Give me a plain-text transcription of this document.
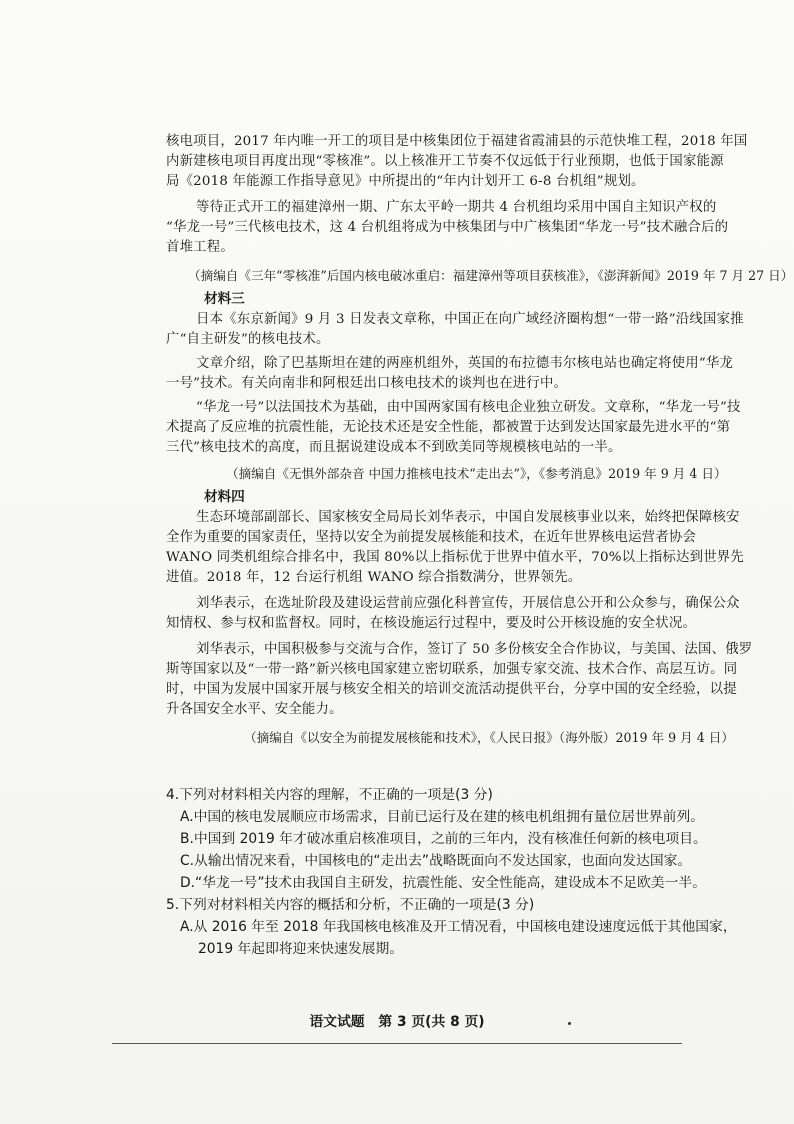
核电项目，2017 年内唯一开工的项目是中核集团位于福建省霞浦县的示范快堆工程，2018 年国
内新建核电项目再度出现“零核准”。以上核准开工节奏不仅远低于行业预期，也低于国家能源
局《2018 年能源工作指导意见》中所提出的“年内计划开工 6-8 台机组”规划。
等待正式开工的福建漳州一期、广东太平岭一期共 4 台机组均采用中国自主知识产权的
“华龙一号”三代核电技术，这 4 台机组将成为中核集团与中广核集团“华龙一号”技术融合后的
首堆工程。
（摘编自《三年“零核准”后国内核电破冰重启：福建漳州等项目获核准》，《澎湃新闻》2019 年 7 月 27 日）
材料三
日本《东京新闻》9 月 3 日发表文章称，中国正在向广域经济圈构想“一带一路”沿线国家推
广“自主研发”的核电技术。
文章介绍，除了巴基斯坦在建的两座机组外，英国的布拉德韦尔核电站也确定将使用“华龙
一号”技术。有关向南非和阿根廷出口核电技术的谈判也在进行中。
“华龙一号”以法国技术为基础，由中国两家国有核电企业独立研发。文章称，“华龙一号”技
术提高了反应堆的抗震性能，无论技术还是安全性能，都被置于达到发达国家最先进水平的“第
三代”核电技术的高度，而且据说建设成本不到欧美同等规模核电站的一半。
（摘编自《无惧外部杂音 中国力推核电技术“走出去”》，《参考消息》2019 年 9 月 4 日）
材料四
生态环境部副部长、国家核安全局局长刘华表示，中国自发展核事业以来，始终把保障核安
全作为重要的国家责任，坚持以安全为前提发展核能和技术，在近年世界核电运营者协会
WANO 同类机组综合排名中，我国 80%以上指标优于世界中值水平，70%以上指标达到世界先
进值。2018 年，12 台运行机组 WANO 综合指数满分，世界领先。
刘华表示，在选址阶段及建设运营前应强化科普宣传，开展信息公开和公众参与，确保公众
知情权、参与权和监督权。同时，在核设施运行过程中，要及时公开核设施的安全状况。
刘华表示，中国积极参与交流与合作，签订了 50 多份核安全合作协议，与美国、法国、俄罗
斯等国家以及“一带一路”新兴核电国家建立密切联系，加强专家交流、技术合作、高层互访。同
时，中国为发展中国家开展与核安全相关的培训交流活动提供平台，分享中国的安全经验，以提
升各国安全水平、安全能力。
（摘编自《以安全为前提发展核能和技术》，《人民日报》（海外版）2019 年 9 月 4 日）
4.下列对材料相关内容的理解，不正确的一项是(3 分)
A.中国的核电发展顺应市场需求，目前已运行及在建的核电机组拥有量位居世界前列。
B.中国到 2019 年才破冰重启核准项目，之前的三年内，没有核准任何新的核电项目。
C.从输出情况来看，中国核电的“走出去”战略既面向不发达国家，也面向发达国家。
D.“华龙一号”技术由我国自主研发，抗震性能、安全性能高，建设成本不足欧美一半。
5.下列对材料相关内容的概括和分析，不正确的一项是(3 分)
A.从 2016 年至 2018 年我国核电核准及开工情况看，中国核电建设速度远低于其他国家，
2019 年起即将迎来快速发展期。
语文试题　第 3 页(共 8 页)
